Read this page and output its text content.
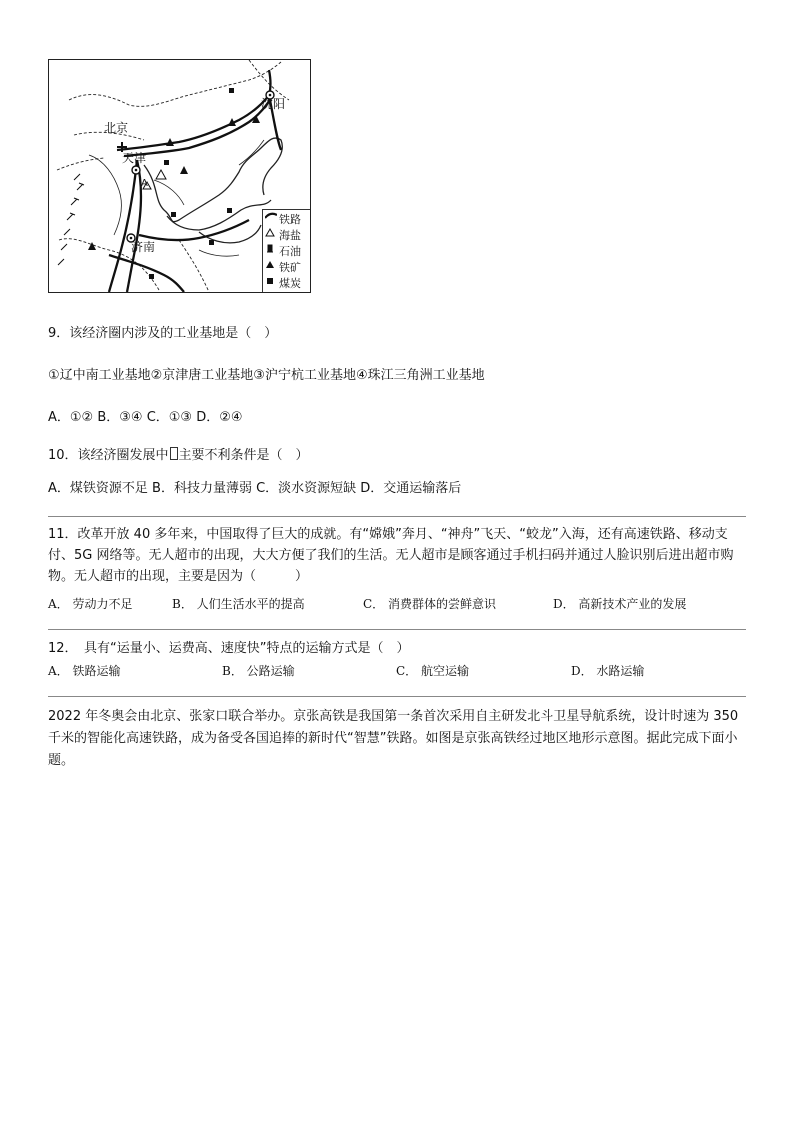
A
北京
天津
沈阳
济南
铁路
海盐
石油
铁矿
煤炭
9．该经济圈内涉及的工业基地是（　）
①辽中南工业基地②京津唐工业基地③沪宁杭工业基地④珠江三角洲工业基地
A．①② B．③④ C．①③ D．②④
10．该经济圈发展中 主要不利条件是（　）
A．煤铁资源不足 B．科技力量薄弱 C．淡水资源短缺 D．交通运输落后
11．改革开放 40 多年来，中国取得了巨大的成就。有“嫦娥”奔月、“神舟”飞天、“蛟龙”入海，还有高速铁路、移动支付、5G 网络等。无人超市的出现，大大方便了我们的生活。无人超市是顾客通过手机扫码并通过人脸识别后进出超市购物。无人超市的出现，主要是因为（　　　）
A． 劳动力不足	B． 人们生活水平的提高	C． 消费群体的尝鲜意识	D． 高新技术产业的发展
12．　具有“运量小、运费高、速度快”特点的运输方式是（　）
A． 铁路运输	B． 公路运输	C． 航空运输	D． 水路运输
2022 年冬奥会由北京、张家口联合举办。京张高铁是我国第一条首次采用自主研发北斗卫星导航系统，设计时速为 350 千米的智能化高速铁路，成为备受各国追捧的新时代“智慧”铁路。如图是京张高铁经过地区地形示意图。据此完成下面小题。
